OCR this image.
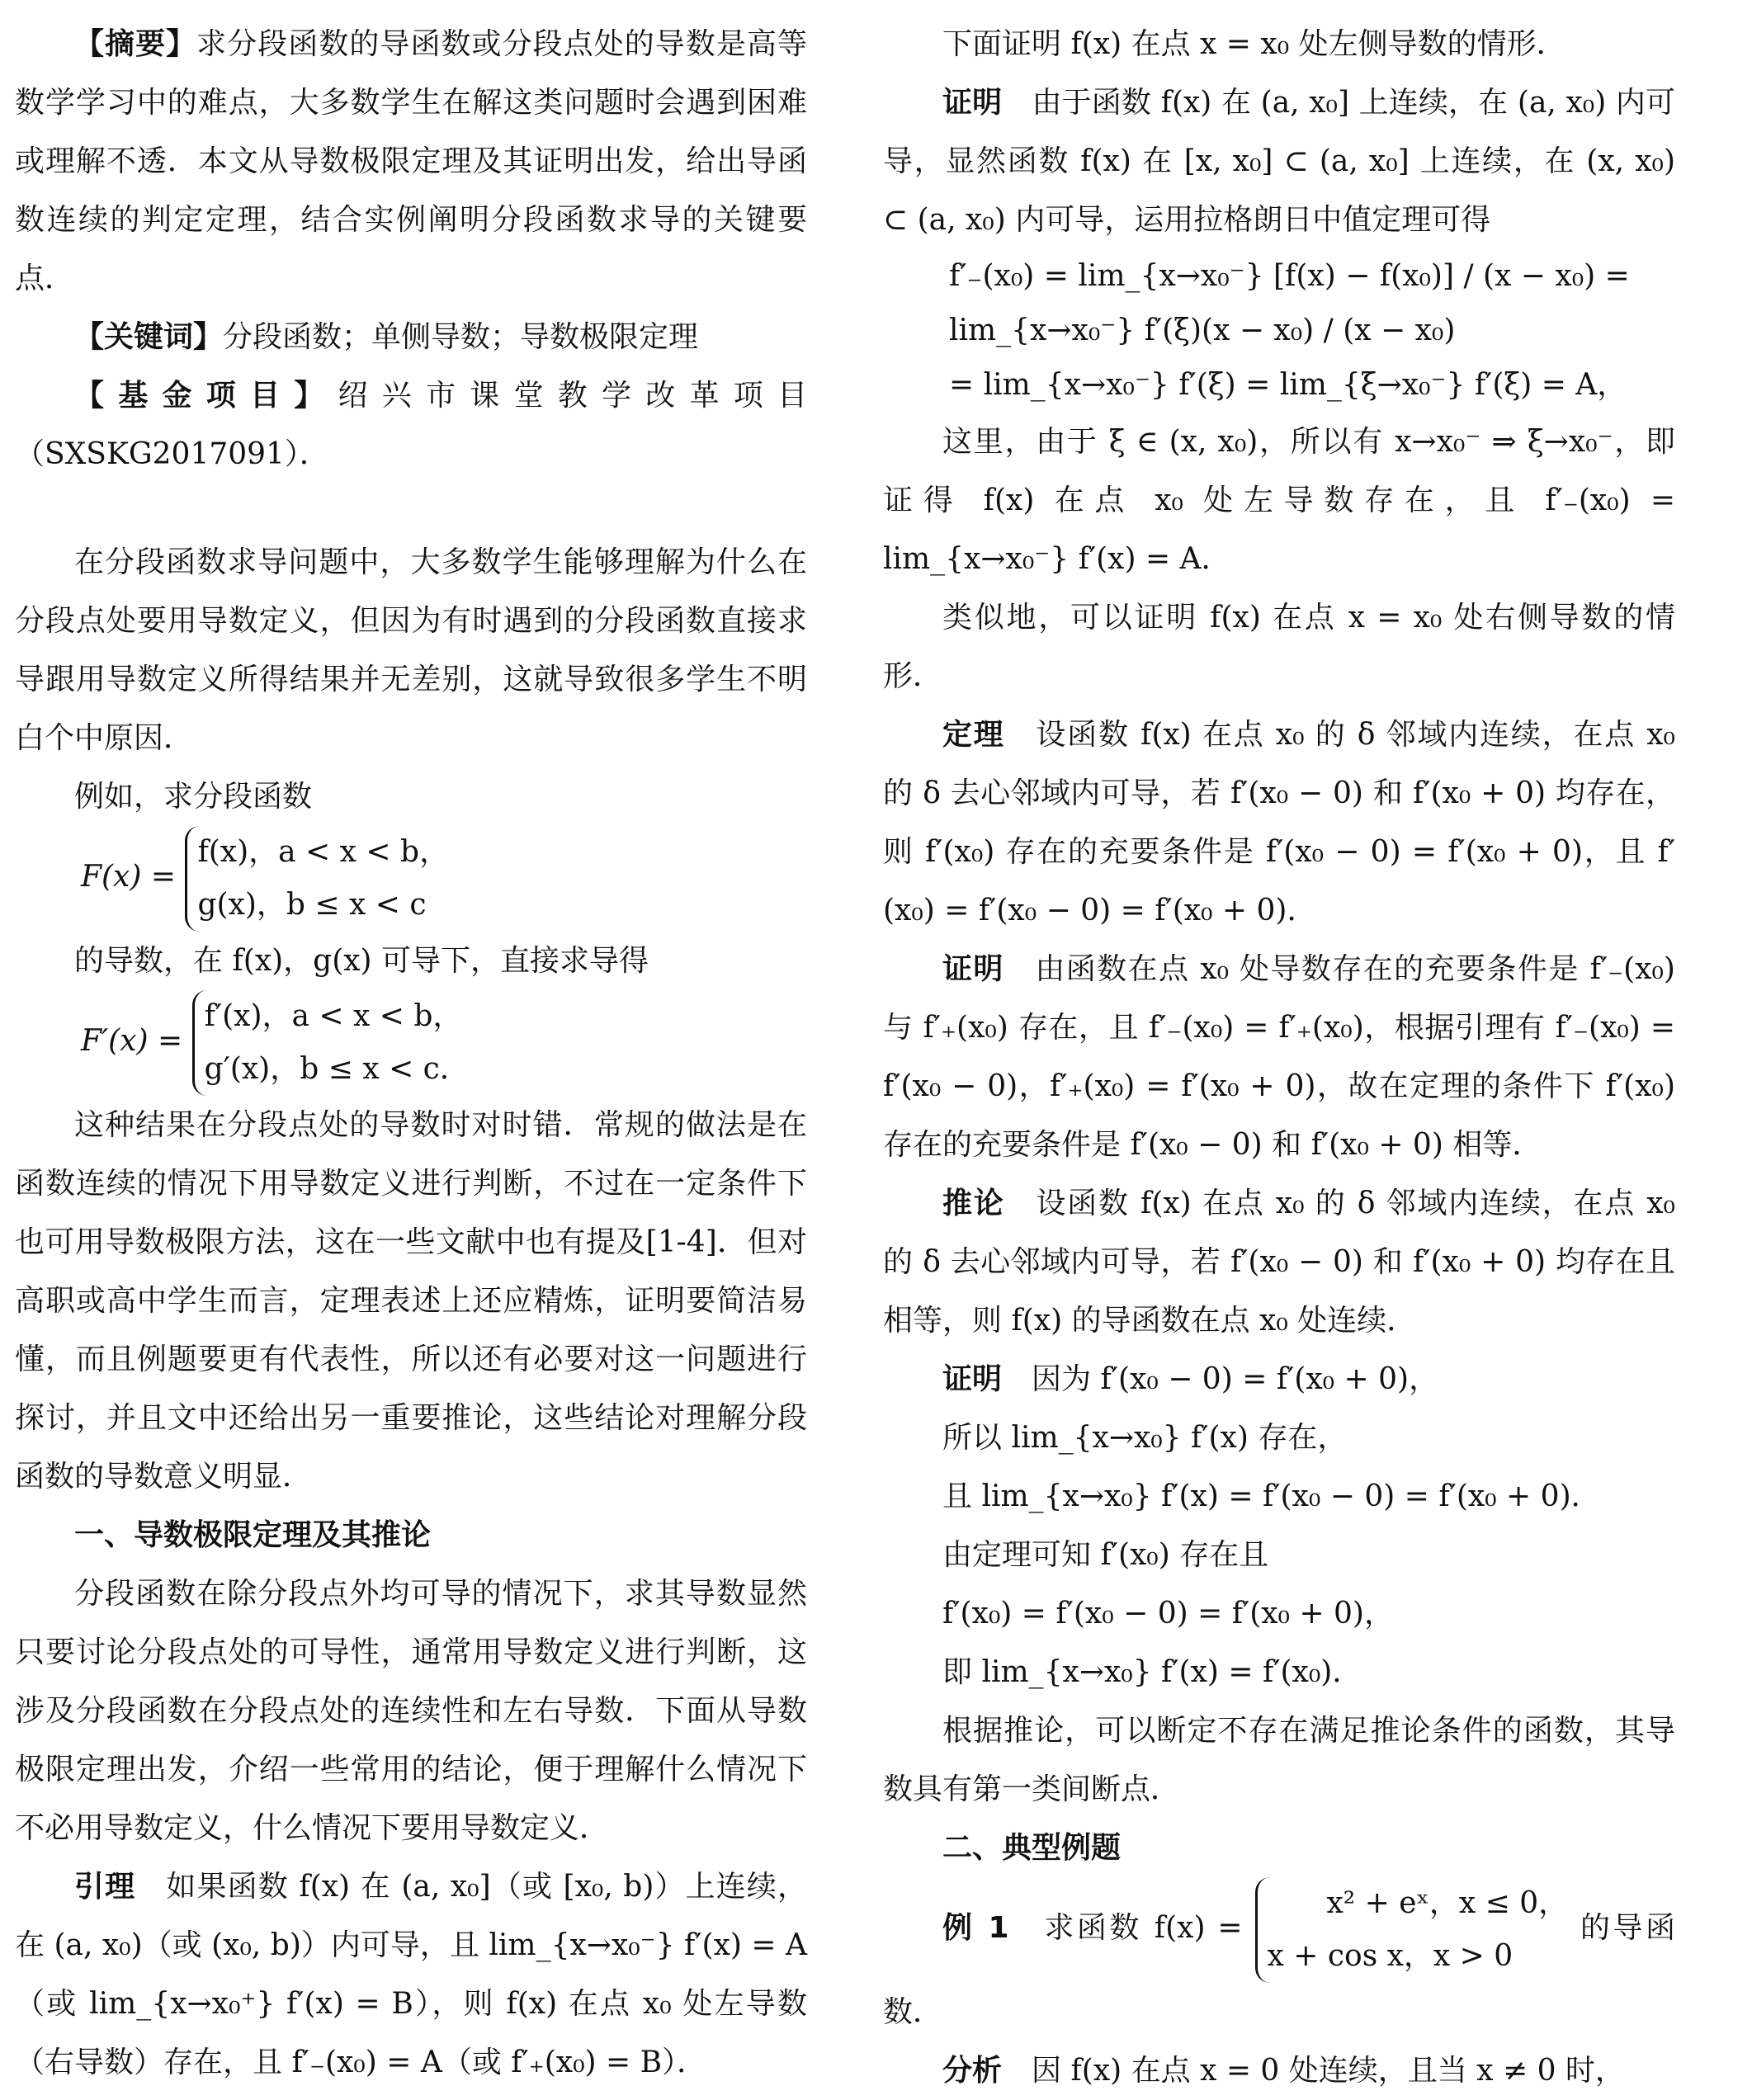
【摘要】求分段函数的导函数或分段点处的导数是高等数学学习中的难点，大多数学生在解这类问题时会遇到困难或理解不透．本文从导数极限定理及其证明出发，给出导函数连续的判定定理，结合实例阐明分段函数求导的关键要点．

【关键词】分段函数；单侧导数；导数极限定理

【基金项目】绍兴市课堂教学改革项目（SXSKG2017091）．

在分段函数求导问题中，大多数学生能够理解为什么在分段点处要用导数定义，但因为有时遇到的分段函数直接求导跟用导数定义所得结果并无差别，这就导致很多学生不明白个中原因．

例如，求分段函数

F(x) = f(x)，a < x < b，
g(x)，b ≤ x < c

的导数，在 f(x)，g(x) 可导下，直接求导得

F′(x) = f′(x)，a < x < b，
g′(x)，b ≤ x < c．

这种结果在分段点处的导数时对时错．常规的做法是在函数连续的情况下用导数定义进行判断，不过在一定条件下也可用导数极限方法，这在一些文献中也有提及[1-4]．但对高职或高中学生而言，定理表述上还应精炼，证明要简洁易懂，而且例题要更有代表性，所以还有必要对这一问题进行探讨，并且文中还给出另一重要推论，这些结论对理解分段函数的导数意义明显．

一、导数极限定理及其推论

分段函数在除分段点外均可导的情况下，求其导数显然只要讨论分段点处的可导性，通常用导数定义进行判断，这涉及分段函数在分段点处的连续性和左右导数．下面从导数极限定理出发，介绍一些常用的结论，便于理解什么情况下不必用导数定义，什么情况下要用导数定义．

引理　 如果函数 f(x) 在 (a, x₀]（或 [x₀, b)）上连续，在 (a, x₀)（或 (x₀, b)）内可导，且 lim_{x→x₀⁻} f′(x) = A（或 lim_{x→x₀⁺} f′(x) = B），则 f(x) 在点 x₀ 处左导数（右导数）存在，且 f′₋(x₀) = A（或 f′₊(x₀) = B）．

下面证明 f(x) 在点 x = x₀ 处左侧导数的情形．

证明　 由于函数 f(x) 在 (a, x₀] 上连续，在 (a, x₀) 内可导，显然函数 f(x) 在 [x, x₀] ⊂ (a, x₀] 上连续，在 (x, x₀) ⊂ (a, x₀) 内可导，运用拉格朗日中值定理可得

f′₋(x₀) = lim_{x→x₀⁻} [f(x) − f(x₀)] / (x − x₀) = lim_{x→x₀⁻} f′(ξ)(x − x₀) / (x − x₀)

= lim_{x→x₀⁻} f′(ξ) = lim_{ξ→x₀⁻} f′(ξ) = A，

这里，由于 ξ ∈ (x, x₀)，所以有 x→x₀⁻ ⇒ ξ→x₀⁻，即证得 f(x) 在点 x₀ 处左导数存在，且 f′₋(x₀) = lim_{x→x₀⁻} f′(x) = A．

类似地，可以证明 f(x) 在点 x = x₀ 处右侧导数的情形．

定理　 设函数 f(x) 在点 x₀ 的 δ 邻域内连续，在点 x₀ 的 δ 去心邻域内可导，若 f′(x₀ − 0) 和 f′(x₀ + 0) 均存在，则 f′(x₀) 存在的充要条件是 f′(x₀ − 0) = f′(x₀ + 0)，且 f′(x₀) = f′(x₀ − 0) = f′(x₀ + 0)．

证明　 由函数在点 x₀ 处导数存在的充要条件是 f′₋(x₀) 与 f′₊(x₀) 存在，且 f′₋(x₀) = f′₊(x₀)，根据引理有 f′₋(x₀) = f′(x₀ − 0)，f′₊(x₀) = f′(x₀ + 0)，故在定理的条件下 f′(x₀) 存在的充要条件是 f′(x₀ − 0) 和 f′(x₀ + 0) 相等．

推论　 设函数 f(x) 在点 x₀ 的 δ 邻域内连续，在点 x₀ 的 δ 去心邻域内可导，若 f′(x₀ − 0) 和 f′(x₀ + 0) 均存在且相等，则 f(x) 的导函数在点 x₀ 处连续．

证明　 因为 f′(x₀ − 0) = f′(x₀ + 0)，

所以 lim_{x→x₀} f′(x) 存在，

且 lim_{x→x₀} f′(x) = f′(x₀ − 0) = f′(x₀ + 0)．

由定理可知 f′(x₀) 存在且

f′(x₀) = f′(x₀ − 0) = f′(x₀ + 0)，

即 lim_{x→x₀} f′(x) = f′(x₀)．

根据推论，可以断定不存在满足推论条件的函数，其导数具有第一类间断点．

二、典型例题

例 1　 求函数 f(x) = x² + eˣ，x ≤ 0，
x + cos x，x > 0 的导函数．

分析　 因 f(x) 在点 x = 0 处连续，且当 x ≠ 0 时，
